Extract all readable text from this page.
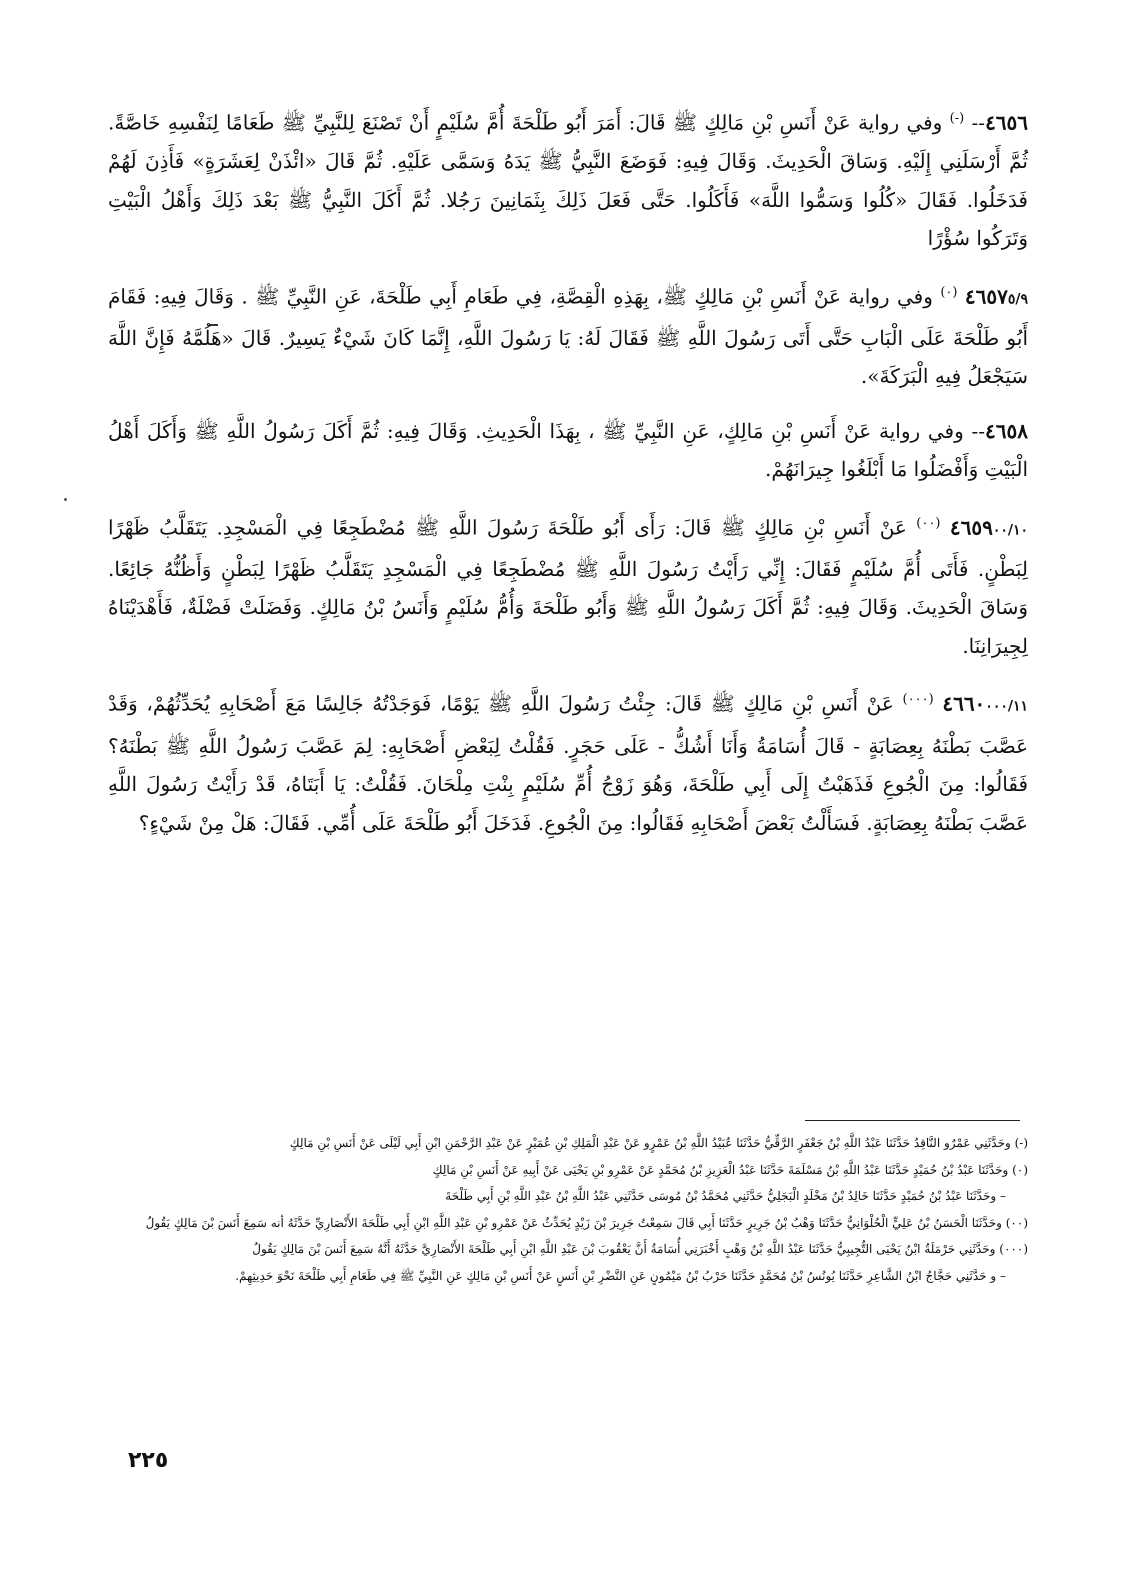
٤٦٥٦-- (-) وفي رواية عَنْ أَنَسِ بْنِ مَالِكٍ ﷺ قَالَ: أَمَرَ أَبُو طَلْحَةَ أُمَّ سُلَيْمٍ أَنْ تَصْنَعَ لِلنَّبِيِّ ﷺ طَعَامًا لِنَفْسِهِ خَاصَّةً. ثُمَّ أَرْسَلَنِي إِلَيْهِ. وَسَاقَ الْحَدِيثَ. وَقَالَ فِيهِ: فَوَضَعَ النَّبِيُّ ﷺ يَدَهُ وَسَمَّى عَلَيْهِ. ثُمَّ قَالَ «ائْذَنْ لِعَشَرَةٍ» فَأَذِنَ لَهُمْ فَدَخَلُوا. فَقَالَ «كُلُوا وَسَمُّوا اللَّهَ» فَأَكَلُوا. حَتَّى فَعَلَ ذَلِكَ بِثَمَانِينَ رَجُلا. ثُمَّ أَكَلَ النَّبِيُّ ﷺ بَعْدَ ذَلِكَ وَأَهْلُ الْبَيْتِ وَتَرَكُوا سُؤْرًا

٤٦٥٧٥/٩ $^{(٠)}$ وفي رواية عَنْ أَنَسِ بْنِ مَالِكٍ ﷺ، بِهَذِهِ الْقِصَّةِ، فِي طَعَامِ أَبِي طَلْحَةَ، عَنِ النَّبِيِّ ﷺ . وَقَالَ فِيهِ: فَقَامَ أَبُو طَلْحَةَ عَلَى الْبَابِ حَتَّى أَتَى رَسُولَ اللَّهِ ﷺ فَقَالَ لَهُ: يَا رَسُولَ اللَّهِ، إِنَّمَا كَانَ شَيْءٌ يَسِيرٌ. قَالَ «هَلُمَّهُ فَإِنَّ اللَّهَ سَيَجْعَلُ فِيهِ الْبَرَكَةَ».

٤٦٥٨-- وفي رواية عَنْ أَنَسِ بْنِ مَالِكٍ، عَنِ النَّبِيِّ ﷺ ، بِهَذَا الْحَدِيثِ. وَقَالَ فِيهِ: ثُمَّ أَكَلَ رَسُولُ اللَّهِ ﷺ وَأَكَلَ أَهْلُ الْبَيْتِ وَأَفْضَلُوا مَا أَبْلَغُوا جِيرَانَهُمْ.

٤٦٥٩٠٠/١٠ $^{(٠٠)}$ عَنْ أَنَسِ بْنِ مَالِكٍ ﷺ قَالَ: رَأَى أَبُو طَلْحَةَ رَسُولَ اللَّهِ ﷺ مُضْطَجِعًا فِي الْمَسْجِدِ. يَتَقَلَّبُ ظَهْرًا لِبَطْنٍ. فَأَتَى أُمَّ سُلَيْمٍ فَقَالَ: إِنِّي رَأَيْتُ رَسُولَ اللَّهِ ﷺ مُضْطَجِعًا فِي الْمَسْجِدِ يَتَقَلَّبُ ظَهْرًا لِبَطْنٍ وَأَظُنُّهُ جَائِعًا. وَسَاقَ الْحَدِيثَ. وَقَالَ فِيهِ: ثُمَّ أَكَلَ رَسُولُ اللَّهِ ﷺ وَأَبُو طَلْحَةَ وَأُمُّ سُلَيْمٍ وَأَنَسُ بْنُ مَالِكٍ. وَفَضَلَتْ فَضْلَةٌ، فَأَهْدَيْنَاهُ لِجِيرَانِنَا.

٤٦٦٠٠٠٠/١١ $^{(٠٠٠)}$ عَنْ أَنَسِ بْنِ مَالِكٍ ﷺ قَالَ: جِئْتُ رَسُولَ اللَّهِ ﷺ يَوْمًا، فَوَجَدْتُهُ جَالِسًا مَعَ أَصْحَابِهِ يُحَدِّثُهُمْ، وَقَدْ عَصَّبَ بَطْنَهُ بِعِصَابَةٍ - قَالَ أُسَامَةُ وَأَنَا أَشُكُّ - عَلَى حَجَرٍ. فَقُلْتُ لِبَعْضِ أَصْحَابِهِ: لِمَ عَصَّبَ رَسُولُ اللَّهِ ﷺ بَطْنَهُ؟ فَقَالُوا: مِنَ الْجُوعِ فَذَهَبْتُ إِلَى أَبِي طَلْحَةَ، وَهُوَ زَوْجُ أُمِّ سُلَيْمٍ بِنْتِ مِلْحَانَ. فَقُلْتُ: يَا أَبَتَاهُ، قَدْ رَأَيْتُ رَسُولَ اللَّهِ عَصَّبَ بَطْنَهُ بِعِصَابَةٍ. فَسَأَلْتُ بَعْضَ أَصْحَابِهِ فَقَالُوا: مِنَ الْجُوعِ. فَدَخَلَ أَبُو طَلْحَةَ عَلَى أُمِّي. فَقَالَ: هَلْ مِنْ شَيْءٍ؟

(-) وحَدَّثَنِي عَمْرٌو النَّاقِدُ حَدَّثَنَا عَبْدُ اللَّهِ بْنُ جَعْفَرٍ الرَّقِّيُّ حَدَّثَنَا عُبَيْدُ اللَّهِ بْنُ عَمْرٍو عَنْ عَبْدِ الْمَلِكِ بْنِ عُمَيْرٍ عَنْ عَبْدِ الرَّحْمَنِ ابْنِ أَبِي لَيْلَى عَنْ أَنَسِ بْنِ مَالِكٍ

(٠) وحَدَّثَنَا عَبْدُ بْنُ حُمَيْدٍ حَدَّثَنَا عَبْدُ اللَّهِ بْنُ مَسْلَمَةَ حَدَّثَنَا عَبْدُ الْعَزِيزِ بْنُ مُحَمَّدٍ عَنْ عَمْرِو بْنِ يَحْيَى عَنْ أَبِيهِ عَنْ أَنَسِ بْنِ مَالِكٍ

– وحَدَّثَنَا عَبْدُ بْنُ حُمَيْدٍ حَدَّثَنَا خَالِدُ بْنُ مَخْلَدٍ الْبَجَلِيُّ حَدَّثَنِي مُحَمَّدُ بْنُ مُوسَى حَدَّثَنِي عَبْدُ اللَّهِ بْنُ عَبْدِ اللَّهِ بْنِ أَبِي طَلْحَةَ

(٠٠) وحَدَّثَنَا الْحَسَنُ بْنُ عَلِيٍّ الْحُلْوَانِيُّ حَدَّثَنَا وَهْبُ بْنُ جَرِيرٍ حَدَّثَنَا أَبِي قَالَ سَمِعْتُ جَرِيرَ بْنَ زَيْدٍ يُحَدِّثُ عَنْ عَمْرِو بْنِ عَبْدِ اللَّهِ ابْنِ أَبِي طَلْحَةَ الأَنْصَارِيِّ حَدَّثَهُ أنه سَمِعَ أَنَسَ بْنَ مَالِكٍ يَقُولُ

(٠٠٠) وحَدَّثَنِي حَرْمَلَةُ ابْنُ يَحْيَى التُّجِيبِيُّ حَدَّثَنَا عَبْدُ اللَّهِ بْنُ وَهْبٍ أَخْبَرَنِي أُسَامَةُ أَنَّ يَعْقُوبَ بْنَ عَبْدِ اللَّهِ ابْنِ أَبِي طَلْحَةَ الأَنْصَارِيَّ حَدَّثَهُ أَنَّهُ سَمِعَ أَنَسَ بْنَ مَالِكٍ يَقُولُ

– و حَدَّثَنِي حَجَّاجُ ابْنُ الشَّاعِرِ حَدَّثَنَا يُونُسُ بْنُ مُحَمَّدٍ حَدَّثَنَا حَرْبُ بْنُ مَيْمُونٍ عَنِ النَّضْرِ بْنِ أَنَسٍ عَنْ أَنَسِ بْنِ مَالِكٍ عَنِ النَّبِيِّ ﷺ فِي طَعَامِ أَبِي طَلْحَةَ نَحْوَ حَدِيثِهِمْ.

٢٢٥
